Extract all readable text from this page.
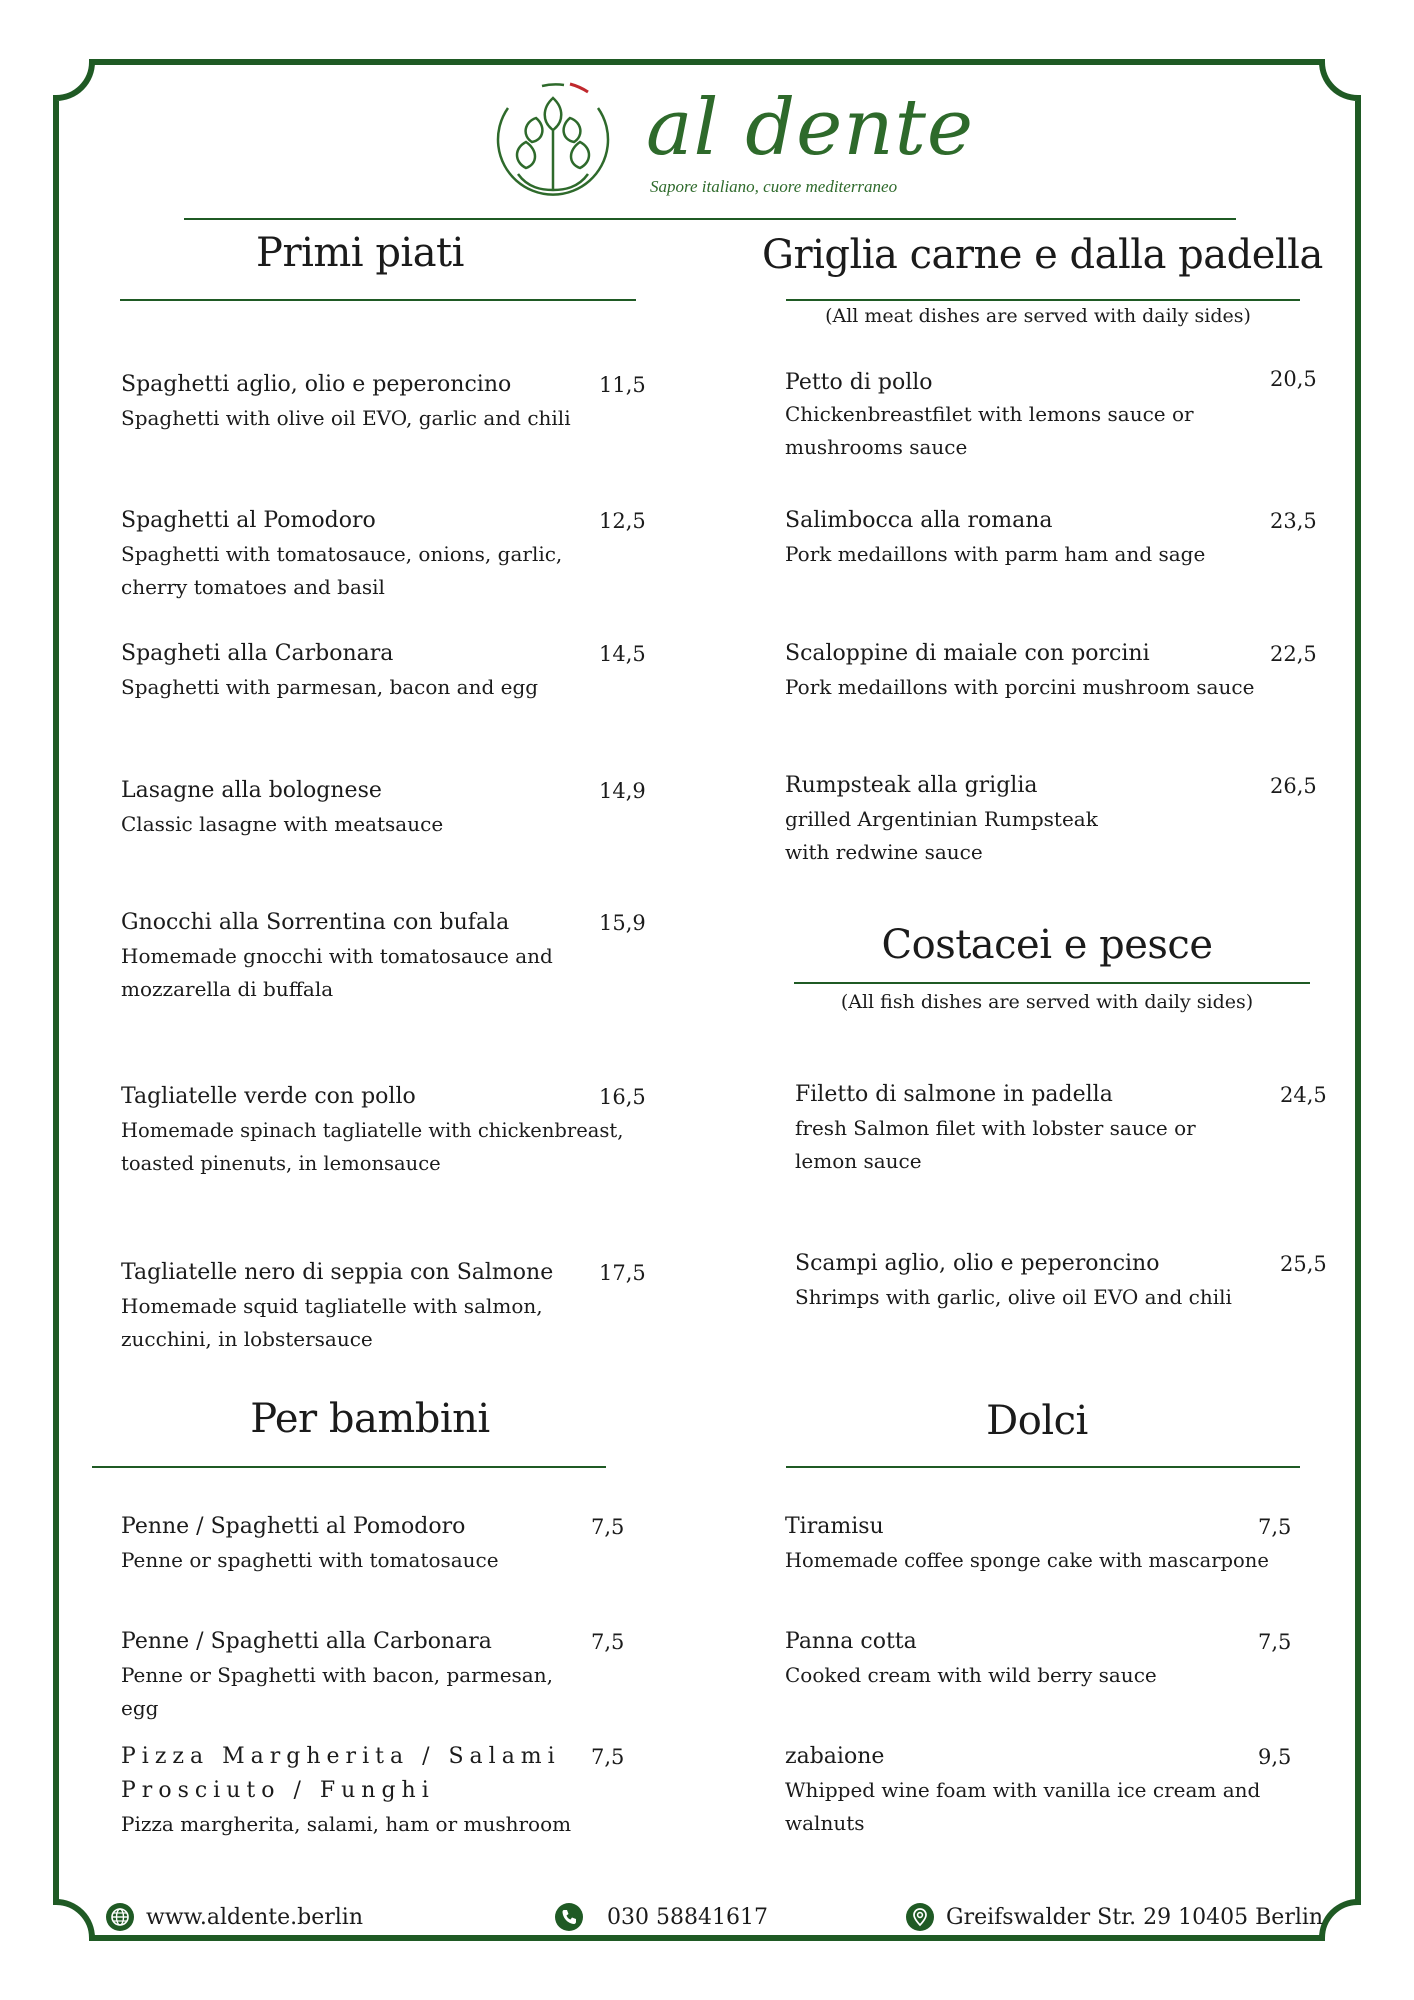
al dente
Sapore italiano, cuore mediterraneo
Primi piati
Spaghetti aglio, olio e peperoncino
Spaghetti with olive oil EVO, garlic and chili
11,5
Spaghetti al Pomodoro
Spaghetti with tomatosauce, onions, garlic, cherry tomatoes and basil
12,5
Spagheti alla Carbonara
Spaghetti with parmesan, bacon and egg
14,5
Lasagne alla bolognese
Classic lasagne with meatsauce
14,9
Gnocchi alla Sorrentina con bufala
Homemade gnocchi with tomatosauce and mozzarella di buffala
15,9
Tagliatelle verde con pollo
Homemade spinach tagliatelle with chickenbreast, toasted pinenuts, in lemonsauce
16,5
Tagliatelle nero di seppia con Salmone
Homemade squid tagliatelle with salmon, zucchini, in lobstersauce
17,5
Griglia carne e dalla padella
(All meat dishes are served with daily sides)
Petto di pollo
Chickenbreastfilet with lemons sauce or mushrooms sauce
20,5
Salimbocca alla romana
Pork medaillons with parm ham and sage
23,5
Scaloppine di maiale con porcini
Pork medaillons with porcini mushroom sauce
22,5
Rumpsteak alla griglia
grilled Argentinian Rumpsteak with redwine sauce
26,5
Costacei e pesce
(All fish dishes are served with daily sides)
Filetto di salmone in padella
fresh Salmon filet with lobster sauce or lemon sauce
24,5
Scampi aglio, olio e peperoncino
Shrimps with garlic, olive oil EVO and chili
25,5
Per bambini
Penne / Spaghetti al Pomodoro
Penne or spaghetti with tomatosauce
7,5
Penne / Spaghetti alla Carbonara
Penne or Spaghetti with bacon, parmesan, egg
7,5
Pizza Margherita / Salami Prosciuto / Funghi
Pizza margherita, salami, ham or mushroom
7,5
Dolci
Tiramisu
Homemade coffee sponge cake with mascarpone
7,5
Panna cotta
Cooked cream with wild berry sauce
7,5
zabaione
Whipped wine foam with vanilla ice cream and walnuts
9,5
www.aldente.berlin	030 58841617	Greifswalder Str. 29 10405 Berlin
